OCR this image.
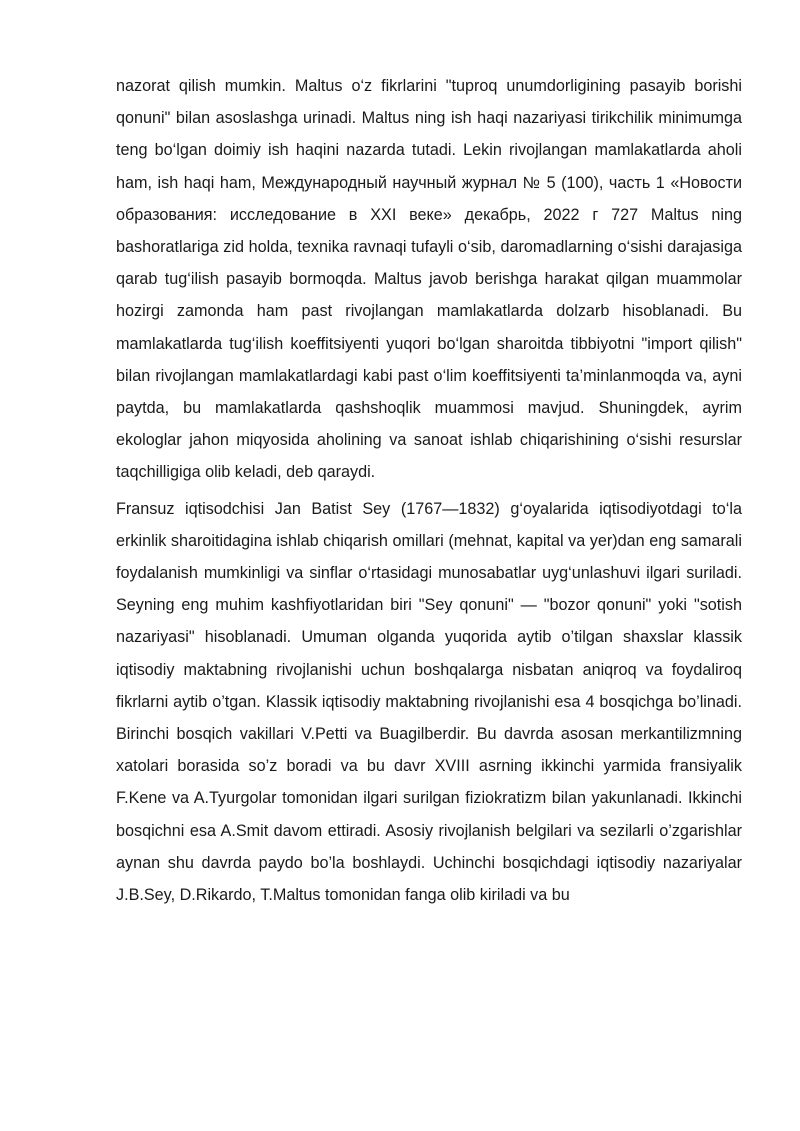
nazorat qilish mumkin. Maltus o‘z fikrlarini "tuproq unumdorligining pasayib borishi qonuni" bilan asoslashga urinadi. Maltus ning ish haqi nazariyasi tirikchilik minimumga teng bo‘lgan doimiy ish haqini nazarda tutadi. Lekin rivojlangan mamlakatlarda aholi ham, ish haqi ham, Международный научный журнал № 5 (100), часть 1 «Новости образования: исследование в XXI веке» декабрь, 2022 г 727 Maltus ning bashoratlariga zid holda, texnika ravnaqi tufayli o‘sib, daromadlarning o‘sishi darajasiga qarab tug‘ilish pasayib bormoqda. Maltus javob berishga harakat qilgan muammolar hozirgi zamonda ham past rivojlangan mamlakatlarda dolzarb hisoblanadi. Bu mamlakatlarda tug‘ilish koeffitsiyenti yuqori bo‘lgan sharoitda tibbiyotni "import qilish" bilan rivojlangan mamlakatlardagi kabi past o‘lim koeffitsiyenti ta’minlanmoqda va, ayni paytda, bu mamlakatlarda qashshoqlik muammosi mavjud. Shuningdek, ayrim ekologlar jahon miqyosida aholining va sanoat ishlab chiqarishining o‘sishi resurslar taqchilligiga olib keladi, deb qaraydi.

Fransuz iqtisodchisi Jan Batist Sey (1767—1832) g‘oyalarida iqtisodiyotdagi to‘la erkinlik sharoitidagina ishlab chiqarish omillari (mehnat, kapital va yer)dan eng samarali foydalanish mumkinligi va sinflar o‘rtasidagi munosabatlar uyg‘unlashuvi ilgari suriladi. Seyning eng muhim kashfiyotlaridan biri "Sey qonuni" — "bozor qonuni" yoki "sotish nazariyasi" hisoblanadi. Umuman olganda yuqorida aytib o’tilgan shaxslar klassik iqtisodiy maktabning rivojlanishi uchun boshqalarga nisbatan aniqroq va foydaliroq fikrlarni aytib o’tgan. Klassik iqtisodiy maktabning rivojlanishi esa 4 bosqichga bo’linadi. Birinchi bosqich vakillari V.Petti va Buagilberdir. Bu davrda asosan merkantilizmning xatolari borasida so’z boradi va bu davr XVIII asrning ikkinchi yarmida fransiyalik F.Kene va A.Tyurgolar tomonidan ilgari surilgan fiziokratizm bilan yakunlanadi. Ikkinchi bosqichni esa A.Smit davom ettiradi. Asosiy rivojlanish belgilari va sezilarli o’zgarishlar aynan shu davrda paydo bo’la boshlaydi. Uchinchi bosqichdagi iqtisodiy nazariyalar J.B.Sey, D.Rikardo, T.Maltus tomonidan fanga olib kiriladi va bu
